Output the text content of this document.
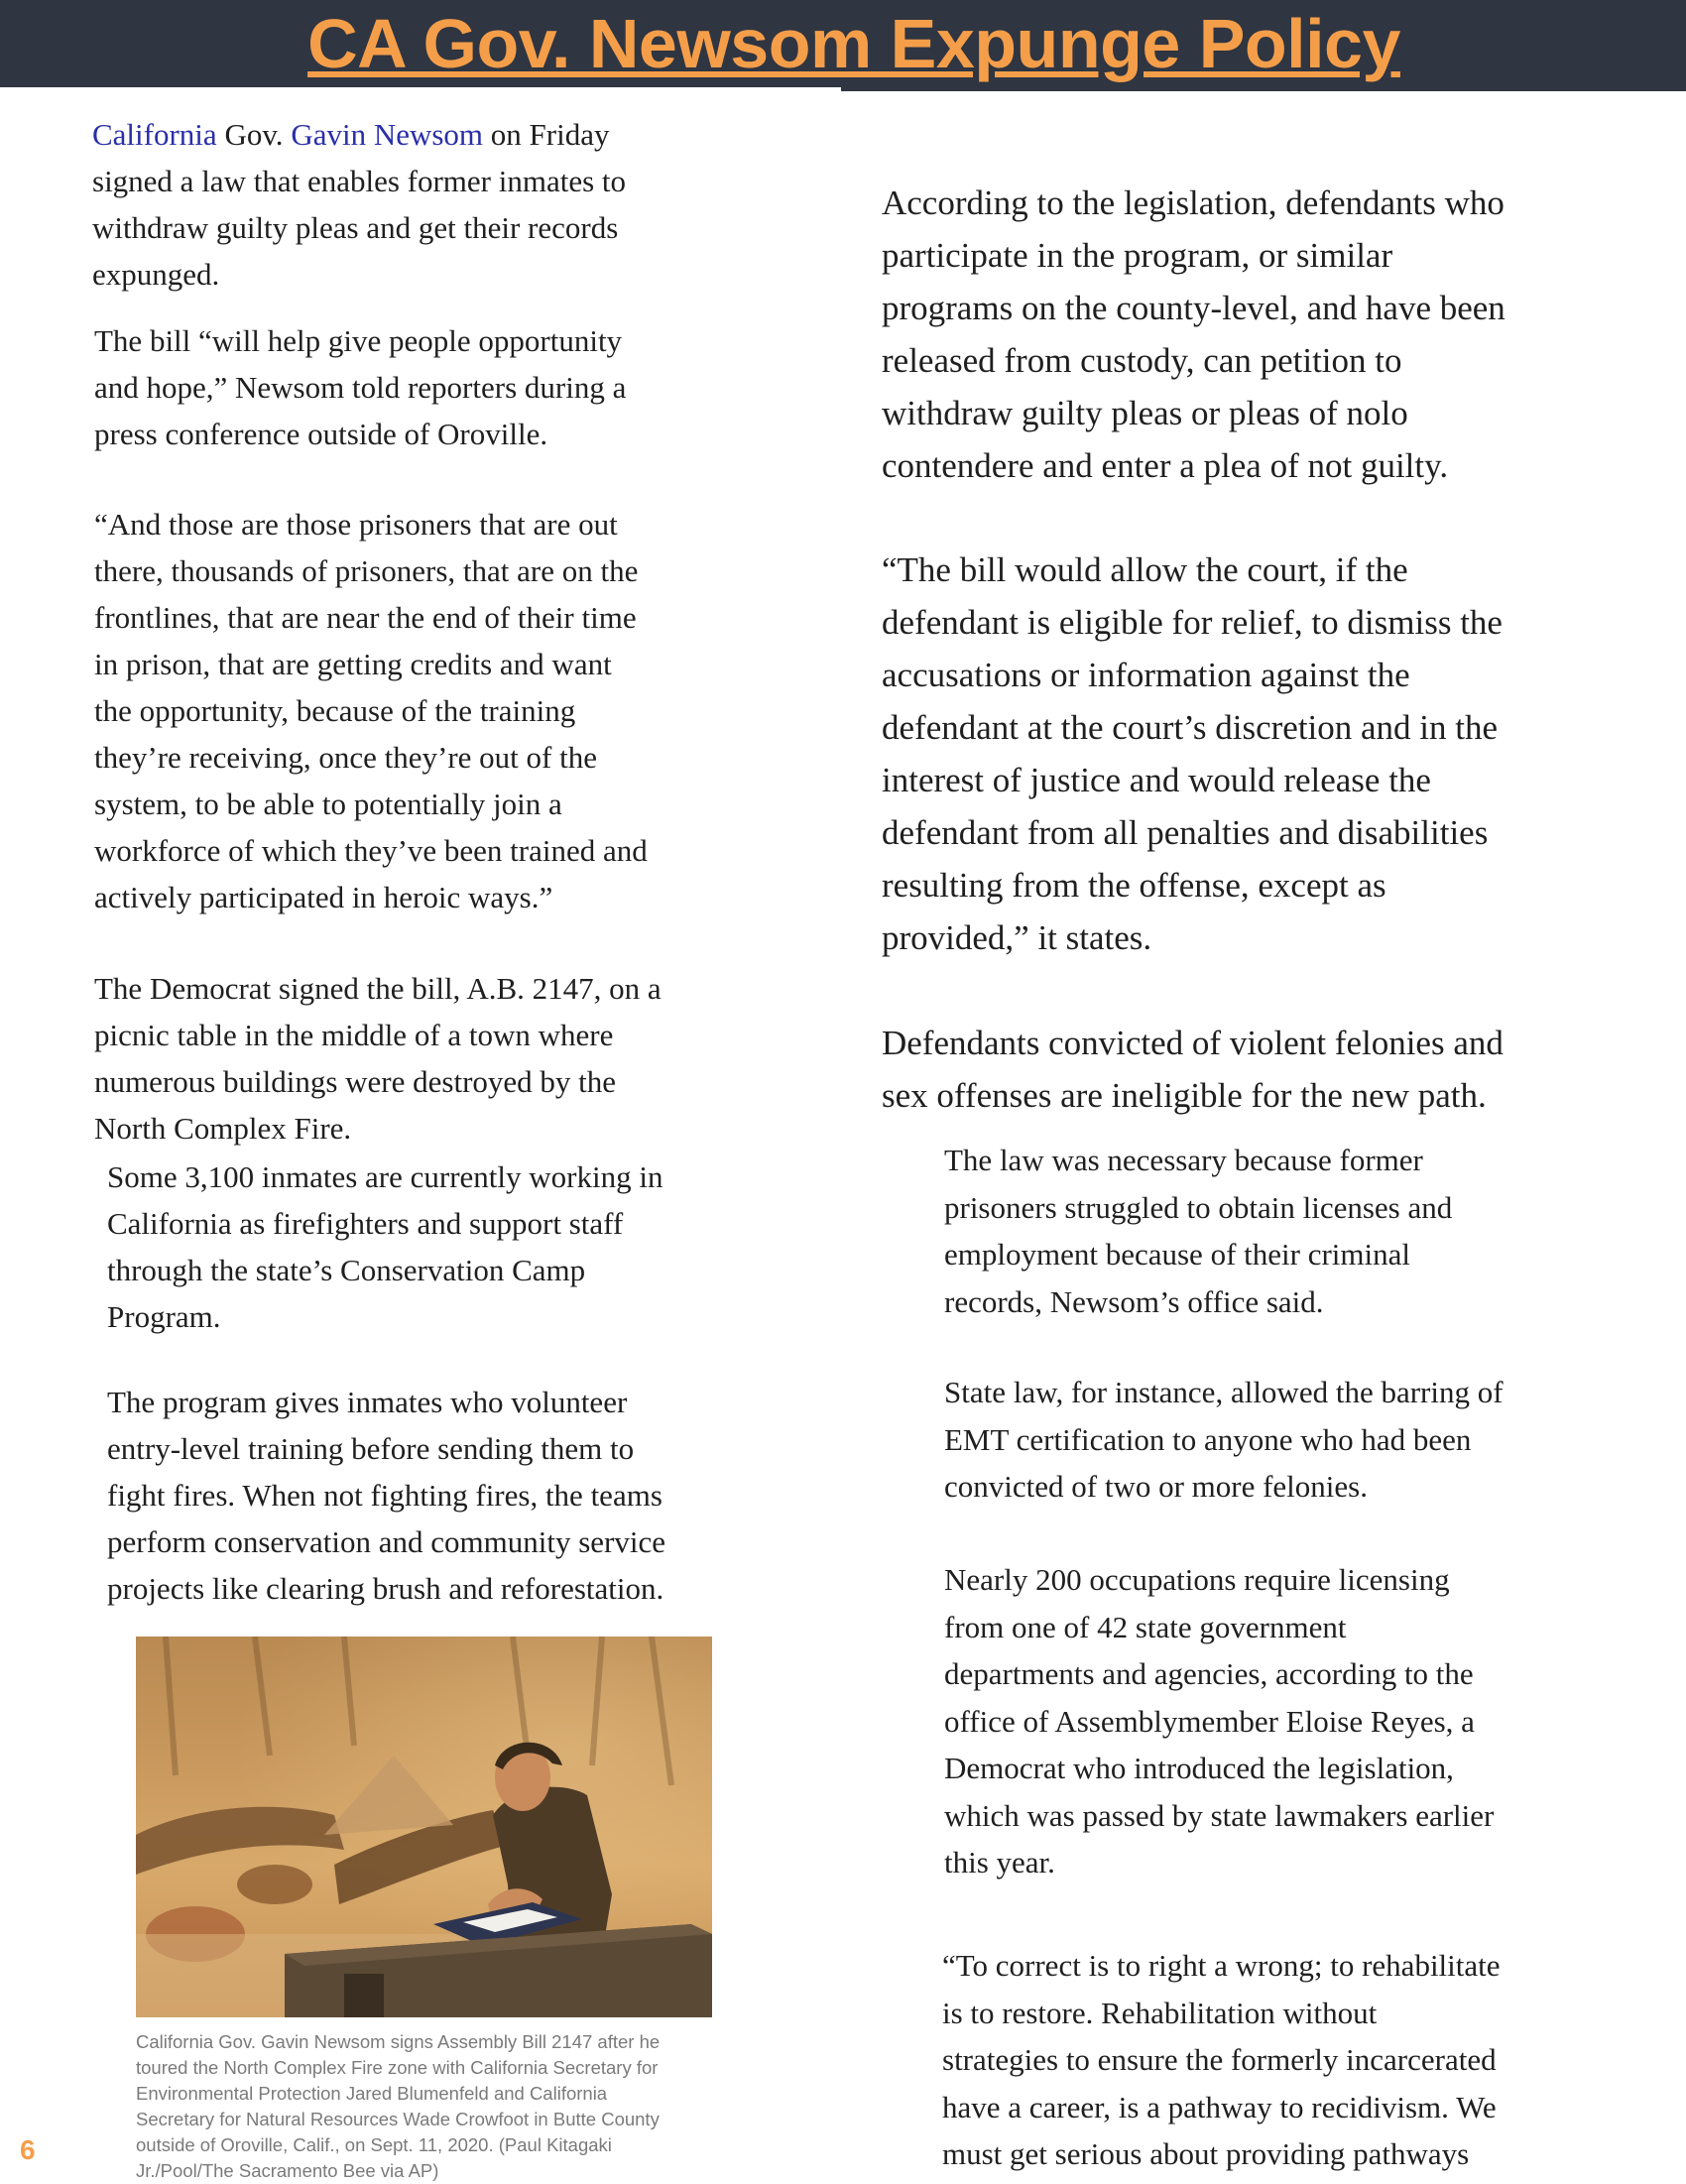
CA Gov. Newsom Expunge Policy
California Gov. Gavin Newsom on Friday
signed a law that enables former inmates to
withdraw guilty pleas and get their records
expunged.
The bill “will help give people opportunity
and hope,” Newsom told reporters during a
press conference outside of Oroville.
“And those are those prisoners that are out
there, thousands of prisoners, that are on the
frontlines, that are near the end of their time
in prison, that are getting credits and want
the opportunity, because of the training
they’re receiving, once they’re out of the
system, to be able to potentially join a
workforce of which they’ve been trained and
actively participated in heroic ways.”
The Democrat signed the bill, A.B. 2147, on a
picnic table in the middle of a town where
numerous buildings were destroyed by the
North Complex Fire.
Some 3,100 inmates are currently working in
California as firefighters and support staff
through the state’s Conservation Camp
Program.
The program gives inmates who volunteer
entry-level training before sending them to
fight fires. When not fighting fires, the teams
perform conservation and community service
projects like clearing brush and reforestation.
California Gov. Gavin Newsom signs Assembly Bill 2147 after he
toured the North Complex Fire zone with California Secretary for
Environmental Protection Jared Blumenfeld and California
Secretary for Natural Resources Wade Crowfoot in Butte County
outside of Oroville, Calif., on Sept. 11, 2020. (Paul Kitagaki
Jr./Pool/The Sacramento Bee via AP)
According to the legislation, defendants who
participate in the program, or similar
programs on the county-level, and have been
released from custody, can petition to
withdraw guilty pleas or pleas of nolo
contendere and enter a plea of not guilty.
“The bill would allow the court, if the
defendant is eligible for relief, to dismiss the
accusations or information against the
defendant at the court’s discretion and in the
interest of justice and would release the
defendant from all penalties and disabilities
resulting from the offense, except as
provided,” it states.
Defendants convicted of violent felonies and
sex offenses are ineligible for the new path.
The law was necessary because former
prisoners struggled to obtain licenses and
employment because of their criminal
records, Newsom’s office said.
State law, for instance, allowed the barring of
EMT certification to anyone who had been
convicted of two or more felonies.
Nearly 200 occupations require licensing
from one of 42 state government
departments and agencies, according to the
office of Assemblymember Eloise Reyes, a
Democrat who introduced the legislation,
which was passed by state lawmakers earlier
this year.
“To correct is to right a wrong; to rehabilitate
is to restore. Rehabilitation without
strategies to ensure the formerly incarcerated
have a career, is a pathway to recidivism. We
must get serious about providing pathways
6
